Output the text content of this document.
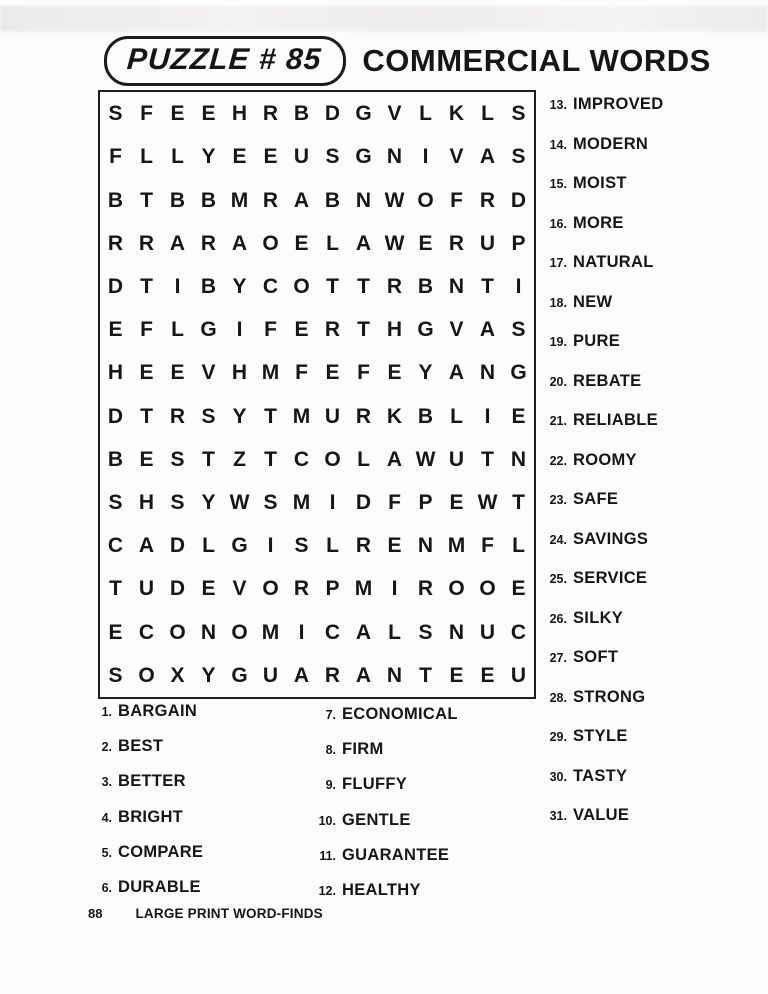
PUZZLE # 85	COMMERCIAL WORDS
S F E E H R B D G V L K L S
F L L Y E E U S G N I	V A S
B T B B M R A B N W O F R D
R R A R A O E L A W E R U P
D T	I B Y C O T T R B N T	I
E F L G I	F E R T H G V A S
H E E V H M F E F E Y A N G
D T R S Y T M U R K B L	I	E
B E S T Z T C O L A W U T N
S H S Y W S M I D F P E W T
C A D L G I	S L R E N M F L
T U D E V O R P M I R O O E
E C O N O M I C A L S N U C
S O X Y G U A R A N T E E U
13. IMPROVED
14. MODERN
15. MOIST
16. MORE
17. NATURAL
18. NEW
19. PURE
20. REBATE
21. RELIABLE
22. ROOMY
23. SAFE
24. SAVINGS
25. SERVICE
26. SILKY
27. SOFT
28. STRONG
29. STYLE
30. TASTY
31. VALUE
1. BARGAIN
2. BEST
3. BETTER
4. BRIGHT
5. COMPARE
6. DURABLE
7. ECONOMICAL
8. FIRM
9. FLUFFY
10. GENTLE
11. GUARANTEE
12. HEALTHY
88 LARGE PRINT WORD-FINDS
